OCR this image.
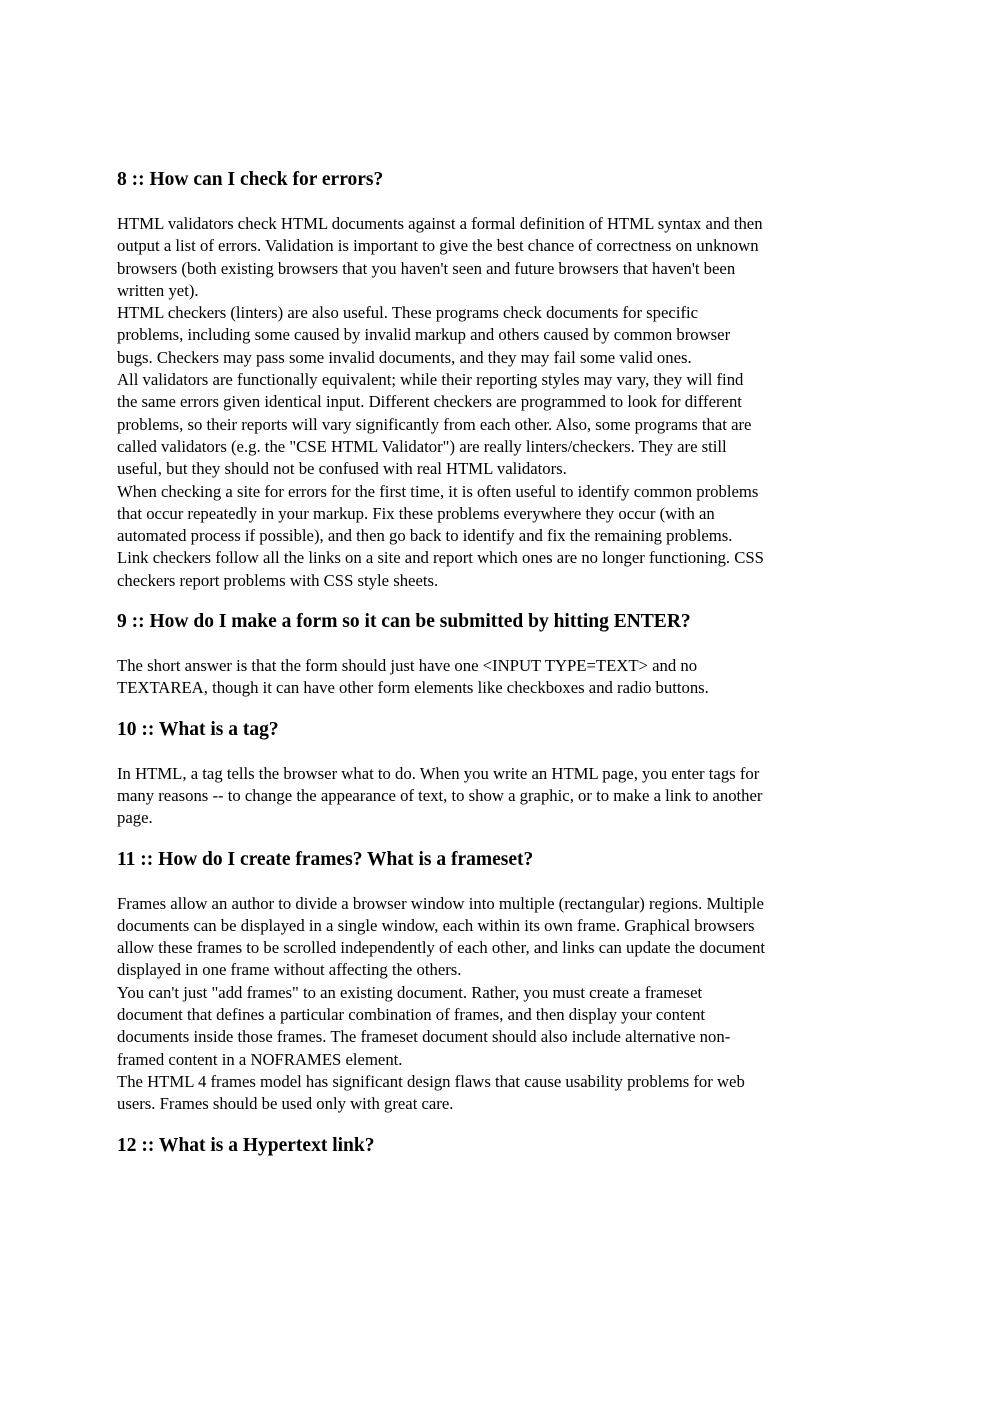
8 :: How can I check for errors?
HTML validators check HTML documents against a formal definition of HTML syntax and then
output a list of errors. Validation is important to give the best chance of correctness on unknown
browsers (both existing browsers that you haven't seen and future browsers that haven't been
written yet).
HTML checkers (linters) are also useful. These programs check documents for specific
problems, including some caused by invalid markup and others caused by common browser
bugs. Checkers may pass some invalid documents, and they may fail some valid ones.
All validators are functionally equivalent; while their reporting styles may vary, they will find
the same errors given identical input. Different checkers are programmed to look for different
problems, so their reports will vary significantly from each other. Also, some programs that are
called validators (e.g. the "CSE HTML Validator") are really linters/checkers. They are still
useful, but they should not be confused with real HTML validators.
When checking a site for errors for the first time, it is often useful to identify common problems
that occur repeatedly in your markup. Fix these problems everywhere they occur (with an
automated process if possible), and then go back to identify and fix the remaining problems.
Link checkers follow all the links on a site and report which ones are no longer functioning. CSS
checkers report problems with CSS style sheets.
9 :: How do I make a form so it can be submitted by hitting ENTER?
The short answer is that the form should just have one <INPUT TYPE=TEXT> and no
TEXTAREA, though it can have other form elements like checkboxes and radio buttons.
10 :: What is a tag?
In HTML, a tag tells the browser what to do. When you write an HTML page, you enter tags for
many reasons -- to change the appearance of text, to show a graphic, or to make a link to another
page.
11 :: How do I create frames? What is a frameset?
Frames allow an author to divide a browser window into multiple (rectangular) regions. Multiple
documents can be displayed in a single window, each within its own frame. Graphical browsers
allow these frames to be scrolled independently of each other, and links can update the document
displayed in one frame without affecting the others.
You can't just "add frames" to an existing document. Rather, you must create a frameset
document that defines a particular combination of frames, and then display your content
documents inside those frames. The frameset document should also include alternative non-
framed content in a NOFRAMES element.
The HTML 4 frames model has significant design flaws that cause usability problems for web
users. Frames should be used only with great care.
12 :: What is a Hypertext link?
